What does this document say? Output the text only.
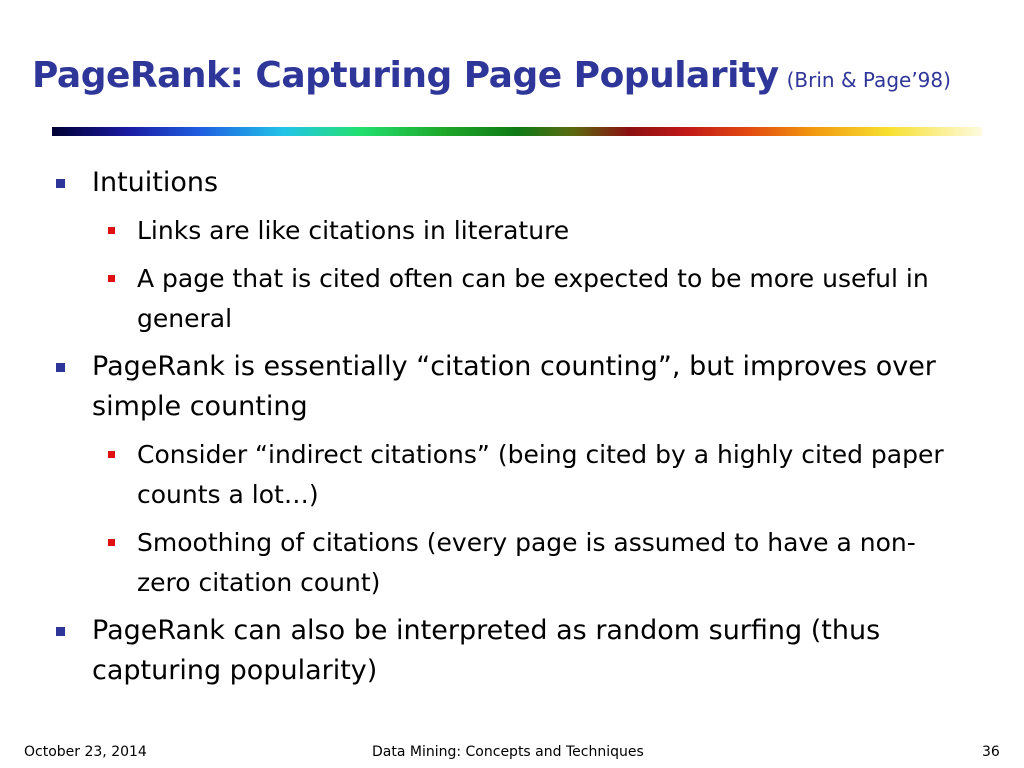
PageRank: Capturing Page Popularity (Brin & Page’98)
Intuitions
Links are like citations in literature
A page that is cited often can be expected to be more useful in general
PageRank is essentially “citation counting”, but improves over simple counting
Consider “indirect citations” (being cited by a highly cited paper counts a lot…)
Smoothing of citations (every page is assumed to have a non-zero citation count)
PageRank can also be interpreted as random surfing (thus capturing popularity)
October 23, 2014	Data Mining: Concepts and Techniques	36
